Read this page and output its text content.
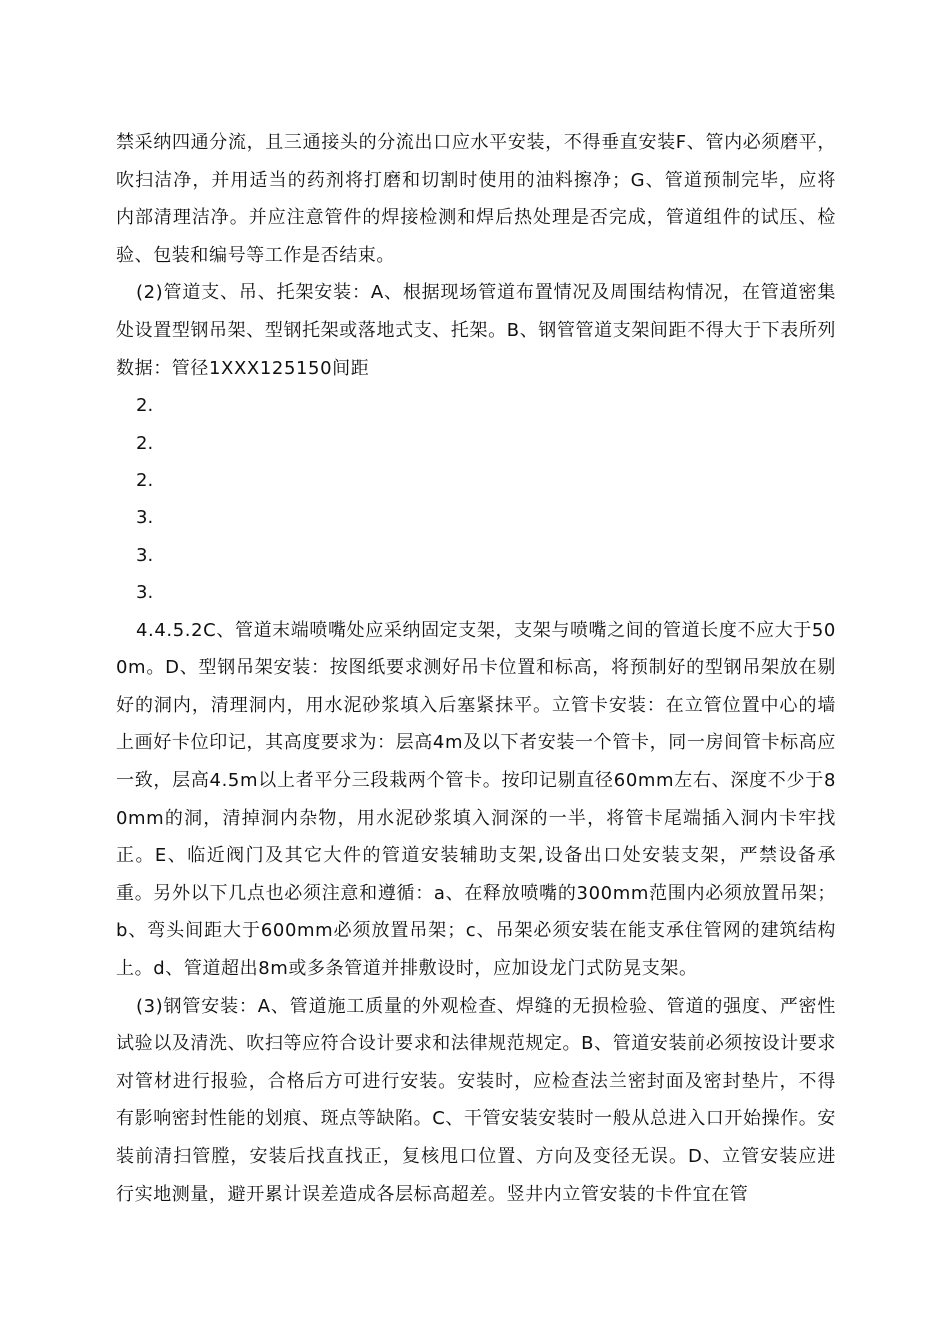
禁采纳四通分流，且三通接头的分流出口应水平安装，不得垂直安装F、管内必须磨平，吹扫洁净，并用适当的药剂将打磨和切割时使用的油料擦净；G、管道预制完毕，应将内部清理洁净。并应注意管件的焊接检测和焊后热处理是否完成，管道组件的试压、检验、包装和编号等工作是否结束。

(2)管道支、吊、托架安装：A、根据现场管道布置情况及周围结构情况，在管道密集处设置型钢吊架、型钢托架或落地式支、托架。B、钢管管道支架间距不得大于下表所列数据：管径1XXX125150间距

2.

2.

2.

3.

3.

3.

4.4.5.2C、管道末端喷嘴处应采纳固定支架，支架与喷嘴之间的管道长度不应大于500m。D、型钢吊架安装：按图纸要求测好吊卡位置和标高，将预制好的型钢吊架放在剔好的洞内，清理洞内，用水泥砂浆填入后塞紧抹平。立管卡安装：在立管位置中心的墙上画好卡位印记，其高度要求为：层高4m及以下者安装一个管卡，同一房间管卡标高应一致，层高4.5m以上者平分三段栽两个管卡。按印记剔直径60mm左右、深度不少于80mm的洞，清掉洞内杂物，用水泥砂浆填入洞深的一半，将管卡尾端插入洞内卡牢找正。E、临近阀门及其它大件的管道安装辅助支架,设备出口处安装支架，严禁设备承重。另外以下几点也必须注意和遵循：a、在释放喷嘴的300mm范围内必须放置吊架；b、弯头间距大于600mm必须放置吊架；c、吊架必须安装在能支承住管网的建筑结构上。d、管道超出8m或多条管道并排敷设时，应加设龙门式防晃支架。

(3)钢管安装：A、管道施工质量的外观检查、焊缝的无损检验、管道的强度、严密性试验以及清洗、吹扫等应符合设计要求和法律规范规定。B、管道安装前必须按设计要求对管材进行报验，合格后方可进行安装。安装时，应检查法兰密封面及密封垫片，不得有影响密封性能的划痕、斑点等缺陷。C、干管安装安装时一般从总进入口开始操作。安装前清扫管膛，安装后找直找正，复核甩口位置、方向及变径无误。D、立管安装应进行实地测量，避开累计误差造成各层标高超差。竖井内立管安装的卡件宜在管
